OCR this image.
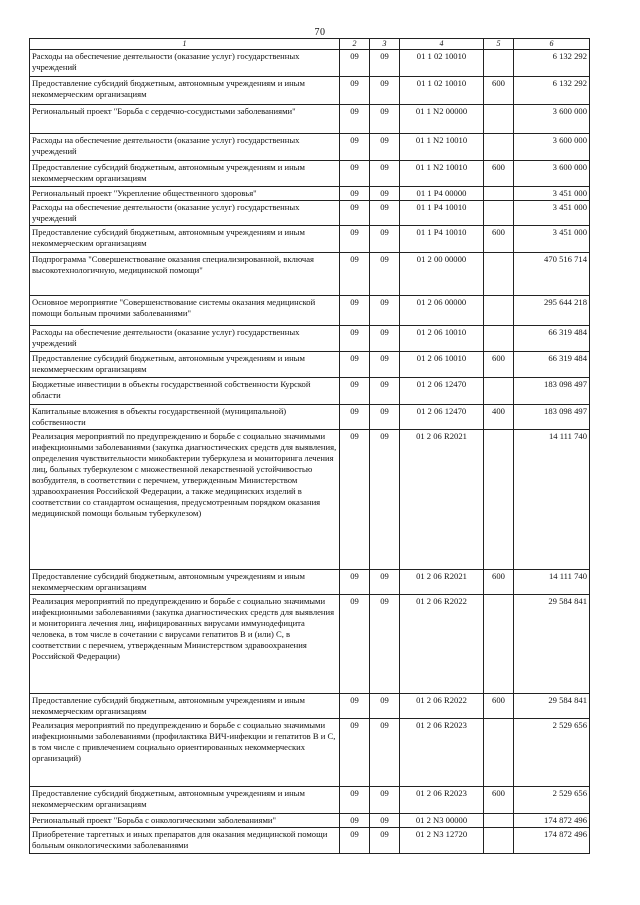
70
1	2	3	4	5	6
Расходы на обеспечение деятельности (оказание услуг) государственных учреждений	09	09	01 1 02 10010		6 132 292
Предоставление субсидий бюджетным, автономным учреждениям и иным некоммерческим организациям	09	09	01 1 02 10010	600	6 132 292
Региональный проект "Борьба с сердечно-сосудистыми заболеваниями"	09	09	01 1 N2 00000		3 600 000
Расходы на обеспечение деятельности (оказание услуг) государственных учреждений	09	09	01 1 N2 10010		3 600 000
Предоставление субсидий бюджетным, автономным учреждениям и иным некоммерческим организациям	09	09	01 1 N2 10010	600	3 600 000
Региональный проект "Укрепление общественного здоровья"	09	09	01 1 P4 00000		3 451 000
Расходы на обеспечение деятельности (оказание услуг) государственных учреждений	09	09	01 1 P4 10010		3 451 000
Предоставление субсидий бюджетным, автономным учреждениям и иным некоммерческим организациям	09	09	01 1 P4 10010	600	3 451 000
Подпрограмма "Совершенствование оказания специализированной, включая высокотехнологичную, медицинской помощи"	09	09	01 2 00 00000		470 516 714
Основное мероприятие "Совершенствование системы оказания медицинской помощи больным прочими заболеваниями"	09	09	01 2 06 00000		295 644 218
Расходы на обеспечение деятельности (оказание услуг) государственных учреждений	09	09	01 2 06 10010		66 319 484
Предоставление субсидий бюджетным, автономным учреждениям и иным некоммерческим организациям	09	09	01 2 06 10010	600	66 319 484
Бюджетные инвестиции в объекты государственной собственности Курской области	09	09	01 2 06 12470		183 098 497
Капитальные вложения в объекты государственной (муниципальной) собственности	09	09	01 2 06 12470	400	183 098 497
Реализация мероприятий по предупреждению и борьбе с социально значимыми инфекционными заболеваниями (закупка диагностических средств для выявления, определения чувствительности микобактерии туберкулеза и мониторинга лечения лиц, больных туберкулезом с множественной лекарственной устойчивостью возбудителя, в соответствии с перечнем, утвержденным Министерством здравоохранения Российской Федерации, а также медицинских изделий в соответствии со стандартом оснащения, предусмотренным порядком оказания медицинской помощи больным туберкулезом)	09	09	01 2 06 R2021		14 111 740
Предоставление субсидий бюджетным, автономным учреждениям и иным некоммерческим организациям	09	09	01 2 06 R2021	600	14 111 740
Реализация мероприятий по предупреждению и борьбе с социально значимыми инфекционными заболеваниями (закупка диагностических средств для выявления и мониторинга лечения лиц, инфицированных вирусами иммунодефицита человека, в том числе в сочетании с вирусами гепатитов B и (или) C, в соответствии с перечнем, утвержденным Министерством здравоохранения Российской Федерации)	09	09	01 2 06 R2022		29 584 841
Предоставление субсидий бюджетным, автономным учреждениям и иным некоммерческим организациям	09	09	01 2 06 R2022	600	29 584 841
Реализация мероприятий по предупреждению и борьбе с социально значимыми инфекционными заболеваниями (профилактика ВИЧ-инфекции и гепатитов B и C, в том числе с привлечением социально ориентированных некоммерческих организаций)	09	09	01 2 06 R2023		2 529 656
Предоставление субсидий бюджетным, автономным учреждениям и иным некоммерческим организациям	09	09	01 2 06 R2023	600	2 529 656
Региональный проект "Борьба с онкологическими заболеваниями"	09	09	01 2 N3 00000		174 872 496
Приобретение таргетных и иных препаратов для оказания медицинской помощи больным онкологическими заболеваниями	09	09	01 2 N3 12720		174 872 496
